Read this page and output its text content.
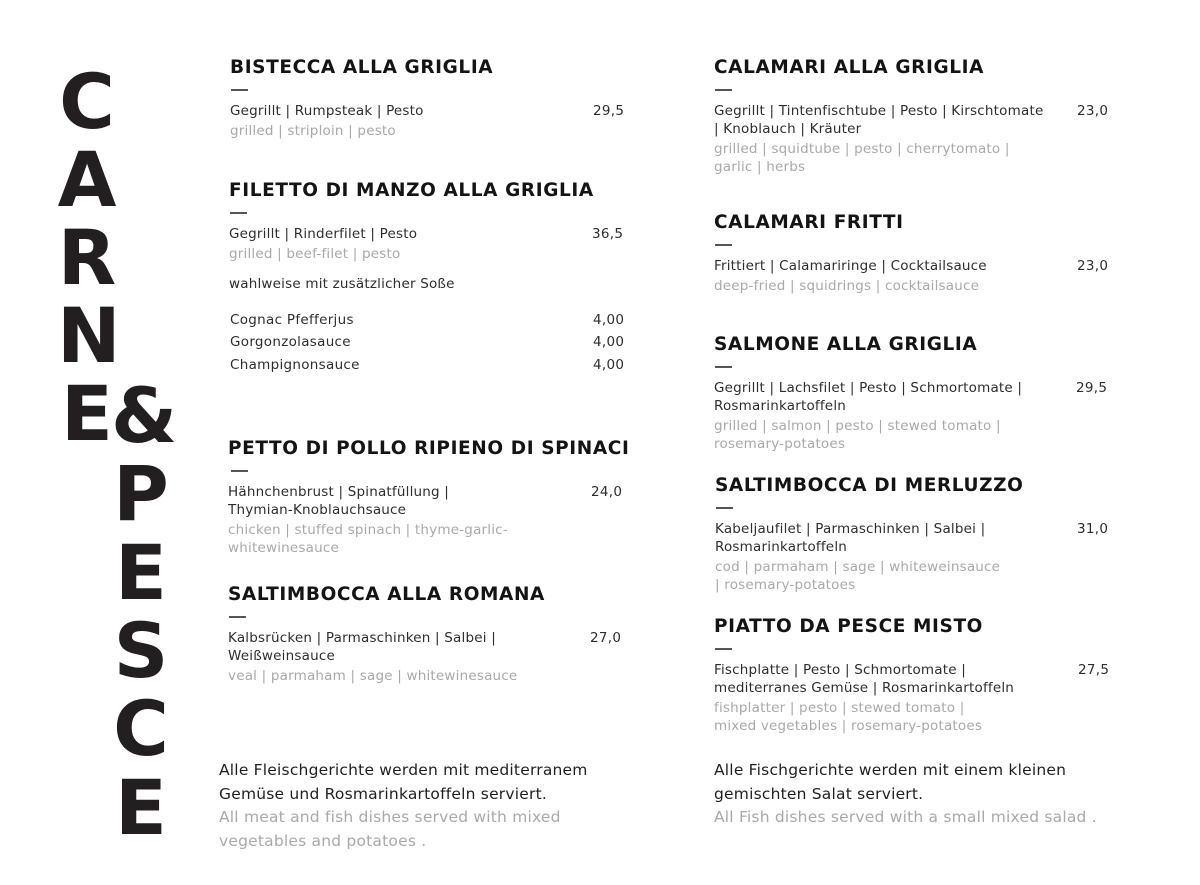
C
A
R
N
E
&
P
E
S
C
E
BISTECCA ALLA GRIGLIA
Gegrillt | Rumpsteak | Pesto
grilled | striploin | pesto
29,5
FILETTO DI MANZO ALLA GRIGLIA
Gegrillt | Rinderfilet | Pesto
grilled | beef-filet | pesto
36,5
wahlweise mit zusätzlicher Soße
Cognac Pfefferjus	4,00
Gorgonzolasauce	4,00
Champignonsauce	4,00
PETTO DI POLLO RIPIENO DI SPINACI
Hähnchenbrust | Spinatfüllung | Thymian-Knoblauchsauce
chicken | stuffed spinach | thyme-garlic-whitewinesauce
24,0
SALTIMBOCCA ALLA ROMANA
Kalbsrücken | Parmaschinken | Salbei | Weißweinsauce
veal | parmaham | sage | whitewinesauce
27,0
Alle Fleischgerichte werden mit mediterranem Gemüse und Rosmarinkartoffeln serviert.
All meat and fish dishes served with mixed vegetables and potatoes .
CALAMARI ALLA GRIGLIA
Gegrillt | Tintenfischtube | Pesto | Kirschtomate | Knoblauch | Kräuter
grilled | squidtube | pesto | cherrytomato | garlic | herbs
23,0
CALAMARI FRITTI
Frittiert | Calamariringe | Cocktailsauce
deep-fried | squidrings | cocktailsauce
23,0
SALMONE ALLA GRIGLIA
Gegrillt | Lachsfilet | Pesto | Schmortomate | Rosmarinkartoffeln
grilled | salmon | pesto | stewed tomato | rosemary-potatoes
29,5
SALTIMBOCCA DI MERLUZZO
Kabeljaufilet | Parmaschinken | Salbei | Rosmarinkartoffeln
cod | parmaham | sage | whiteweinsauce | rosemary-potatoes
31,0
PIATTO DA PESCE MISTO
Fischplatte | Pesto | Schmortomate | mediterranes Gemüse | Rosmarinkartoffeln
fishplatter | pesto | stewed tomato | mixed vegetables | rosemary-potatoes
27,5
Alle Fischgerichte werden mit einem kleinen gemischten Salat serviert.
All Fish dishes served with a small mixed salad .
